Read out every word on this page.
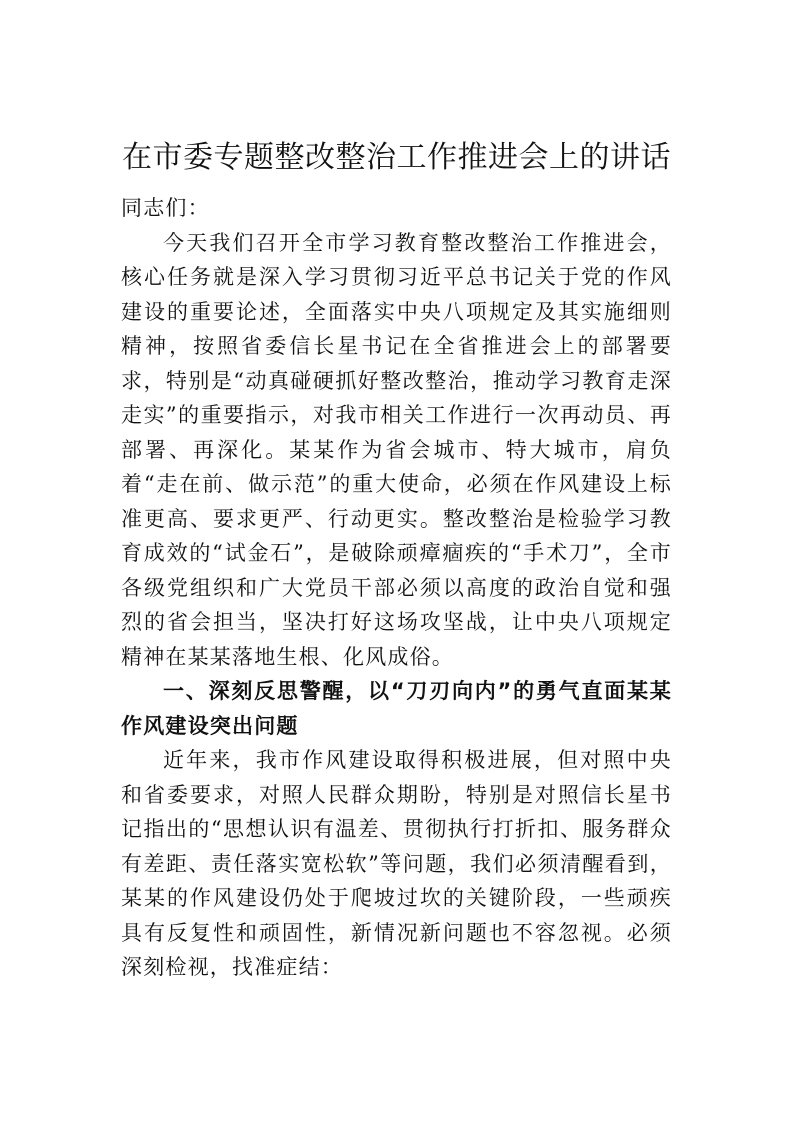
在市委专题整改整治工作推进会上的讲话

同志们：

今天我们召开全市学习教育整改整治工作推进会，核心任务就是深入学习贯彻习近平总书记关于党的作风建设的重要论述，全面落实中央八项规定及其实施细则精神，按照省委信长星书记在全省推进会上的部署要求，特别是“动真碰硬抓好整改整治，推动学习教育走深走实”的重要指示，对我市相关工作进行一次再动员、再部署、再深化。某某作为省会城市、特大城市，肩负着“走在前、做示范”的重大使命，必须在作风建设上标准更高、要求更严、行动更实。整改整治是检验学习教育成效的“试金石”，是破除顽瘴痼疾的“手术刀”，全市各级党组织和广大党员干部必须以高度的政治自觉和强烈的省会担当，坚决打好这场攻坚战，让中央八项规定精神在某某落地生根、化风成俗。

一、深刻反思警醒，以“刀刃向内”的勇气直面某某作风建设突出问题

近年来，我市作风建设取得积极进展，但对照中央和省委要求，对照人民群众期盼，特别是对照信长星书记指出的“思想认识有温差、贯彻执行打折扣、服务群众有差距、责任落实宽松软”等问题，我们必须清醒看到，某某的作风建设仍处于爬坡过坎的关键阶段，一些顽疾具有反复性和顽固性，新情况新问题也不容忽视。必须深刻检视，找准症结：
